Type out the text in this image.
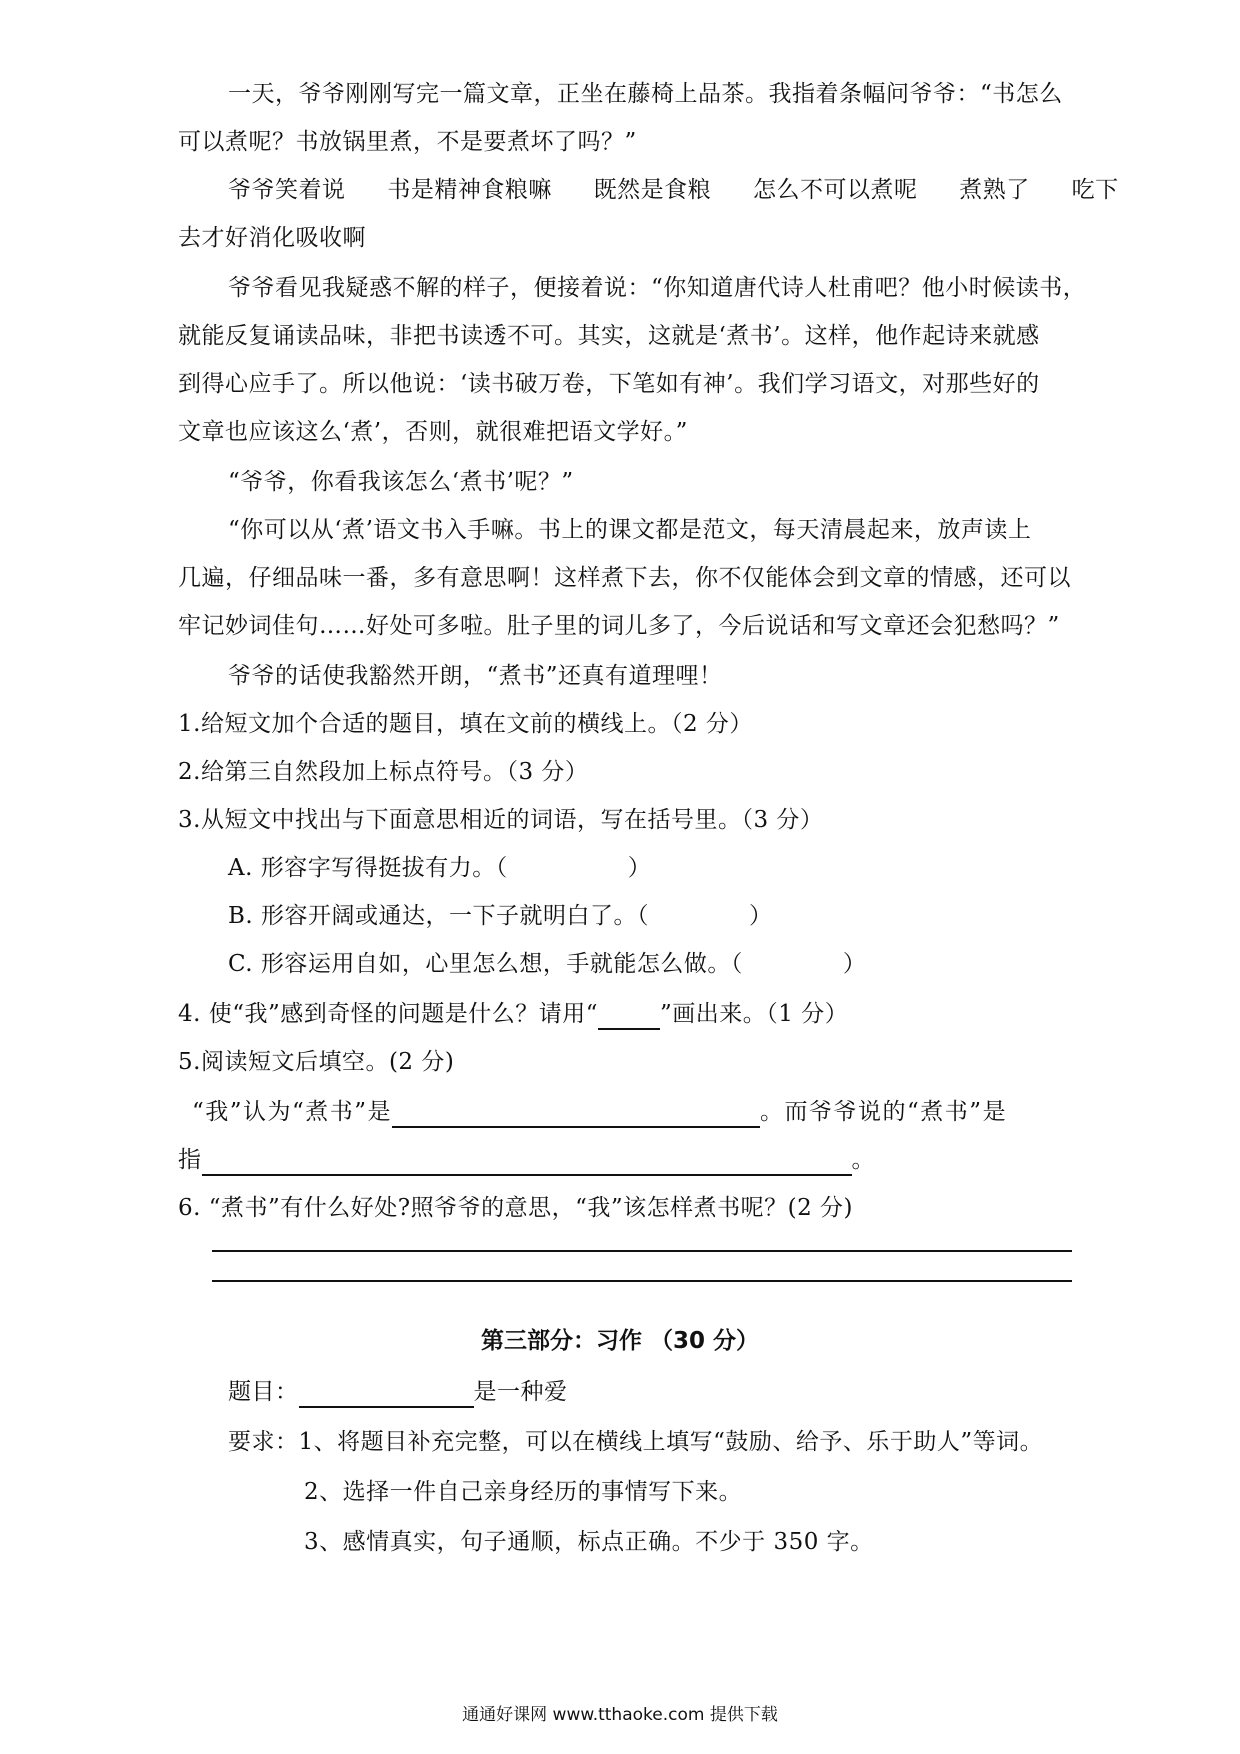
一天，爷爷刚刚写完一篇文章，正坐在藤椅上品茶。我指着条幅问爷爷：“书怎么
可以煮呢？书放锅里煮，不是要煮坏了吗？”
爷爷笑着说 书是精神食粮嘛 既然是食粮 怎么不可以煮呢 煮熟了 吃下
去才好消化吸收啊
爷爷看见我疑惑不解的样子，便接着说：“你知道唐代诗人杜甫吧？他小时候读书，
就能反复诵读品味，非把书读透不可。其实，这就是‘煮书’。这样，他作起诗来就感
到得心应手了。所以他说：‘读书破万卷，下笔如有神’。我们学习语文，对那些好的
文章也应该这么‘煮’，否则，就很难把语文学好。”
“爷爷，你看我该怎么‘煮书’呢？”
“你可以从‘煮’语文书入手嘛。书上的课文都是范文，每天清晨起来，放声读上
几遍，仔细品味一番，多有意思啊！这样煮下去，你不仅能体会到文章的情感，还可以
牢记妙词佳句……好处可多啦。肚子里的词儿多了，今后说话和写文章还会犯愁吗？”
爷爷的话使我豁然开朗，“煮书”还真有道理哩！
1.给短文加个合适的题目，填在文前的横线上。（2 分）
2.给第三自然段加上标点符号。（3 分）
3.从短文中找出与下面意思相近的词语，写在括号里。（3 分）
A. 形容字写得挺拔有力。（	）
B. 形容开阔或通达，一下子就明白了。（	）
C. 形容运用自如，心里怎么想，手就能怎么做。（	）
4. 使“我”感到奇怪的问题是什么？请用“	”画出来。（1 分）
5.阅读短文后填空。(2 分)
“我”认为“煮书”是	。而爷爷说的“煮书”是
指	。
6. “煮书”有什么好处?照爷爷的意思，“我”该怎样煮书呢？(2 分)
第三部分：习作 （30 分）
题目：	是一种爱
要求：1、将题目补充完整，可以在横线上填写“鼓励、给予、乐于助人”等词。
2、选择一件自己亲身经历的事情写下来。
3、感情真实，句子通顺，标点正确。不少于 350 字。
通通好课网 www.tthaoke.com 提供下载
